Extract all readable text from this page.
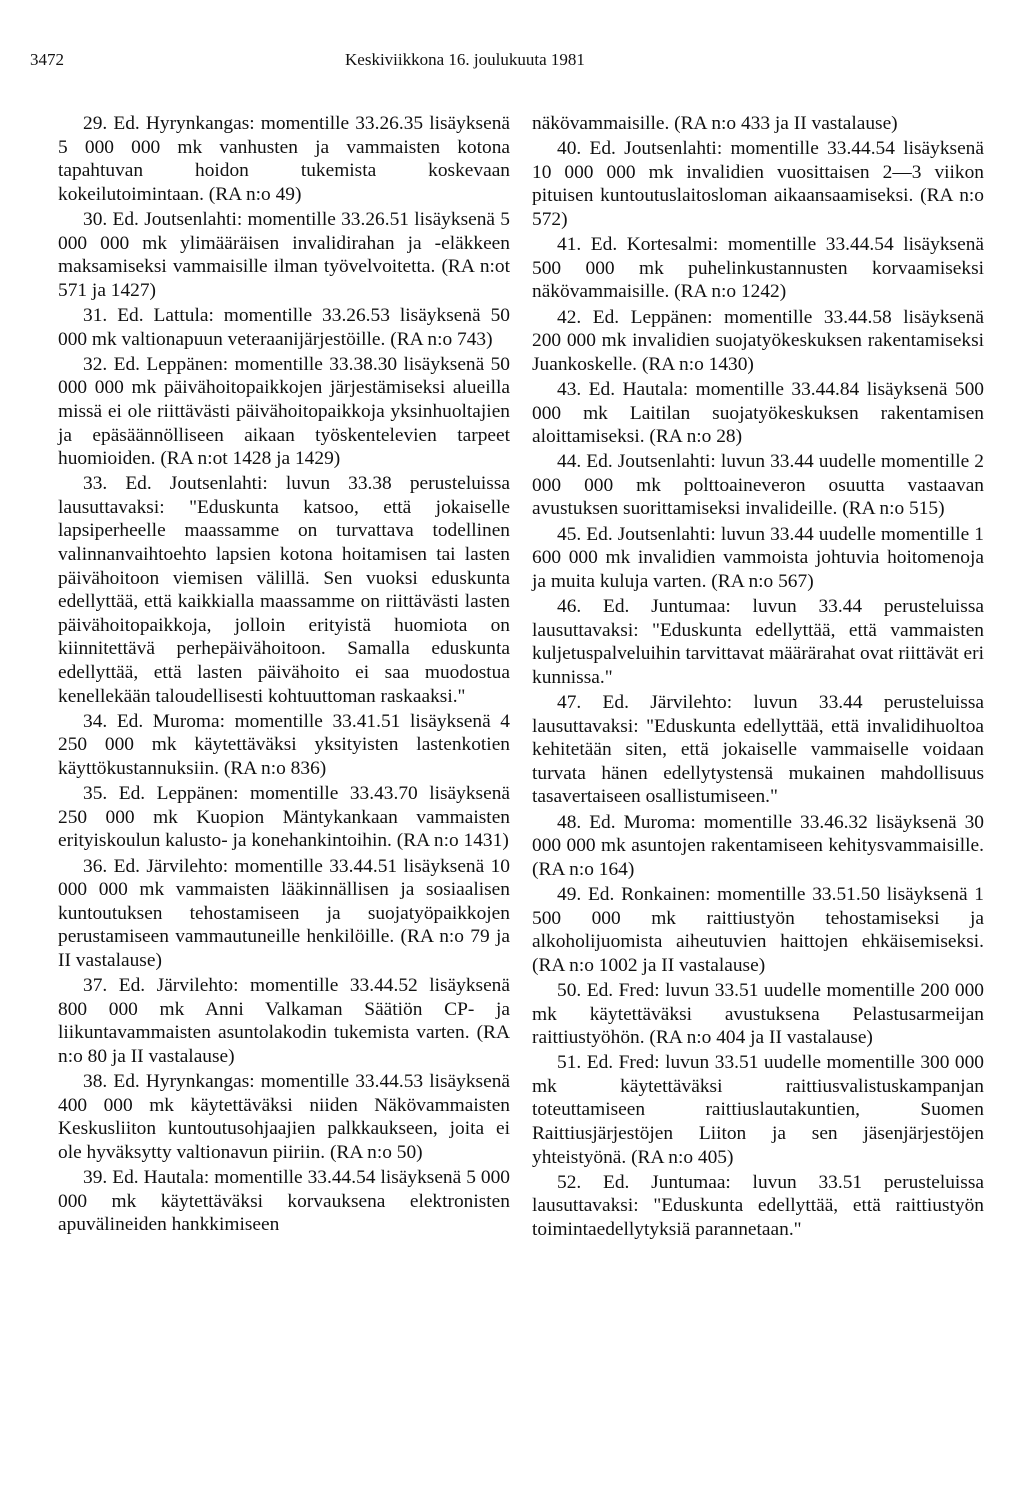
3472	Keskiviikkona 16. joulukuuta 1981

29. Ed. Hyrynkangas: momentille 33.26.35 lisäyksenä 5 000 000 mk vanhusten ja vammaisten kotona tapahtuvan hoidon tukemista koskevaan kokeilutoimintaan. (RA n:o 49)

30. Ed. Joutsenlahti: momentille 33.26.51 lisäyksenä 5 000 000 mk ylimääräisen invalidirahan ja -eläkkeen maksamiseksi vammaisille ilman työvelvoitetta. (RA n:ot 571 ja 1427)

31. Ed. Lattula: momentille 33.26.53 lisäyksenä 50 000 mk valtionapuun veteraanijärjestöille. (RA n:o 743)

32. Ed. Leppänen: momentille 33.38.30 lisäyksenä 50 000 000 mk päivähoitopaikkojen järjestämiseksi alueilla missä ei ole riittävästi päivähoitopaikkoja yksinhuoltajien ja epäsäännölliseen aikaan työskentelevien tarpeet huomioiden. (RA n:ot 1428 ja 1429)

33. Ed. Joutsenlahti: luvun 33.38 perusteluissa lausuttavaksi: "Eduskunta katsoo, että jokaiselle lapsiperheelle maassamme on turvattava todellinen valinnanvaihtoehto lapsien kotona hoitamisen tai lasten päivähoitoon viemisen välillä. Sen vuoksi eduskunta edellyttää, että kaikkialla maassamme on riittävästi lasten päivähoitopaikkoja, jolloin erityistä huomiota on kiinnitettävä perhepäivähoitoon. Samalla eduskunta edellyttää, että lasten päivähoito ei saa muodostua kenellekään taloudellisesti kohtuuttoman raskaaksi."

34. Ed. Muroma: momentille 33.41.51 lisäyksenä 4 250 000 mk käytettäväksi yksityisten lastenkotien käyttökustannuksiin. (RA n:o 836)

35. Ed. Leppänen: momentille 33.43.70 lisäyksenä 250 000 mk Kuopion Mäntykankaan vammaisten erityiskoulun kalusto- ja konehankintoihin. (RA n:o 1431)

36. Ed. Järvilehto: momentille 33.44.51 lisäyksenä 10 000 000 mk vammaisten lääkinnällisen ja sosiaalisen kuntoutuksen tehostamiseen ja suojatyöpaikkojen perustamiseen vammautuneille henkilöille. (RA n:o 79 ja II vastalause)

37. Ed. Järvilehto: momentille 33.44.52 lisäyksenä 800 000 mk Anni Valkaman Säätiön CP- ja liikuntavammaisten asuntolakodin tukemista varten. (RA n:o 80 ja II vastalause)

38. Ed. Hyrynkangas: momentille 33.44.53 lisäyksenä 400 000 mk käytettäväksi niiden Näkövammaisten Keskusliiton kuntoutusohjaajien palkkaukseen, joita ei ole hyväksytty valtionavun piiriin. (RA n:o 50)

39. Ed. Hautala: momentille 33.44.54 lisäyksenä 5 000 000 mk käytettäväksi korvauksena elektronisten apuvälineiden hankkimiseen

näkövammaisille. (RA n:o 433 ja II vastalause)

40. Ed. Joutsenlahti: momentille 33.44.54 lisäyksenä 10 000 000 mk invalidien vuosittaisen 2—3 viikon pituisen kuntoutuslaitosloman aikaansaamiseksi. (RA n:o 572)

41. Ed. Kortesalmi: momentille 33.44.54 lisäyksenä 500 000 mk puhelinkustannusten korvaamiseksi näkövammaisille. (RA n:o 1242)

42. Ed. Leppänen: momentille 33.44.58 lisäyksenä 200 000 mk invalidien suojatyökeskuksen rakentamiseksi Juankoskelle. (RA n:o 1430)

43. Ed. Hautala: momentille 33.44.84 lisäyksenä 500 000 mk Laitilan suojatyökeskuksen rakentamisen aloittamiseksi. (RA n:o 28)

44. Ed. Joutsenlahti: luvun 33.44 uudelle momentille 2 000 000 mk polttoaineveron osuutta vastaavan avustuksen suorittamiseksi invalideille. (RA n:o 515)

45. Ed. Joutsenlahti: luvun 33.44 uudelle momentille 1 600 000 mk invalidien vammoista johtuvia hoitomenoja ja muita kuluja varten. (RA n:o 567)

46. Ed. Juntumaa: luvun 33.44 perusteluissa lausuttavaksi: "Eduskunta edellyttää, että vammaisten kuljetuspalveluihin tarvittavat määrärahat ovat riittävät eri kunnissa."

47. Ed. Järvilehto: luvun 33.44 perusteluissa lausuttavaksi: "Eduskunta edellyttää, että invalidihuoltoa kehitetään siten, että jokaiselle vammaiselle voidaan turvata hänen edellytystensä mukainen mahdollisuus tasavertaiseen osallistumiseen."

48. Ed. Muroma: momentille 33.46.32 lisäyksenä 30 000 000 mk asuntojen rakentamiseen kehitysvammaisille. (RA n:o 164)

49. Ed. Ronkainen: momentille 33.51.50 lisäyksenä 1 500 000 mk raittiustyön tehostamiseksi ja alkoholijuomista aiheutuvien haittojen ehkäisemiseksi. (RA n:o 1002 ja II vastalause)

50. Ed. Fred: luvun 33.51 uudelle momentille 200 000 mk käytettäväksi avustuksena Pelastusarmeijan raittiustyöhön. (RA n:o 404 ja II vastalause)

51. Ed. Fred: luvun 33.51 uudelle momentille 300 000 mk käytettäväksi raittiusvalistuskampanjan toteuttamiseen raittiuslautakuntien, Suomen Raittiusjärjestöjen Liiton ja sen jäsenjärjestöjen yhteistyönä. (RA n:o 405)

52. Ed. Juntumaa: luvun 33.51 perusteluissa lausuttavaksi: "Eduskunta edellyttää, että raittiustyön toimintaedellytyksiä parannetaan."
